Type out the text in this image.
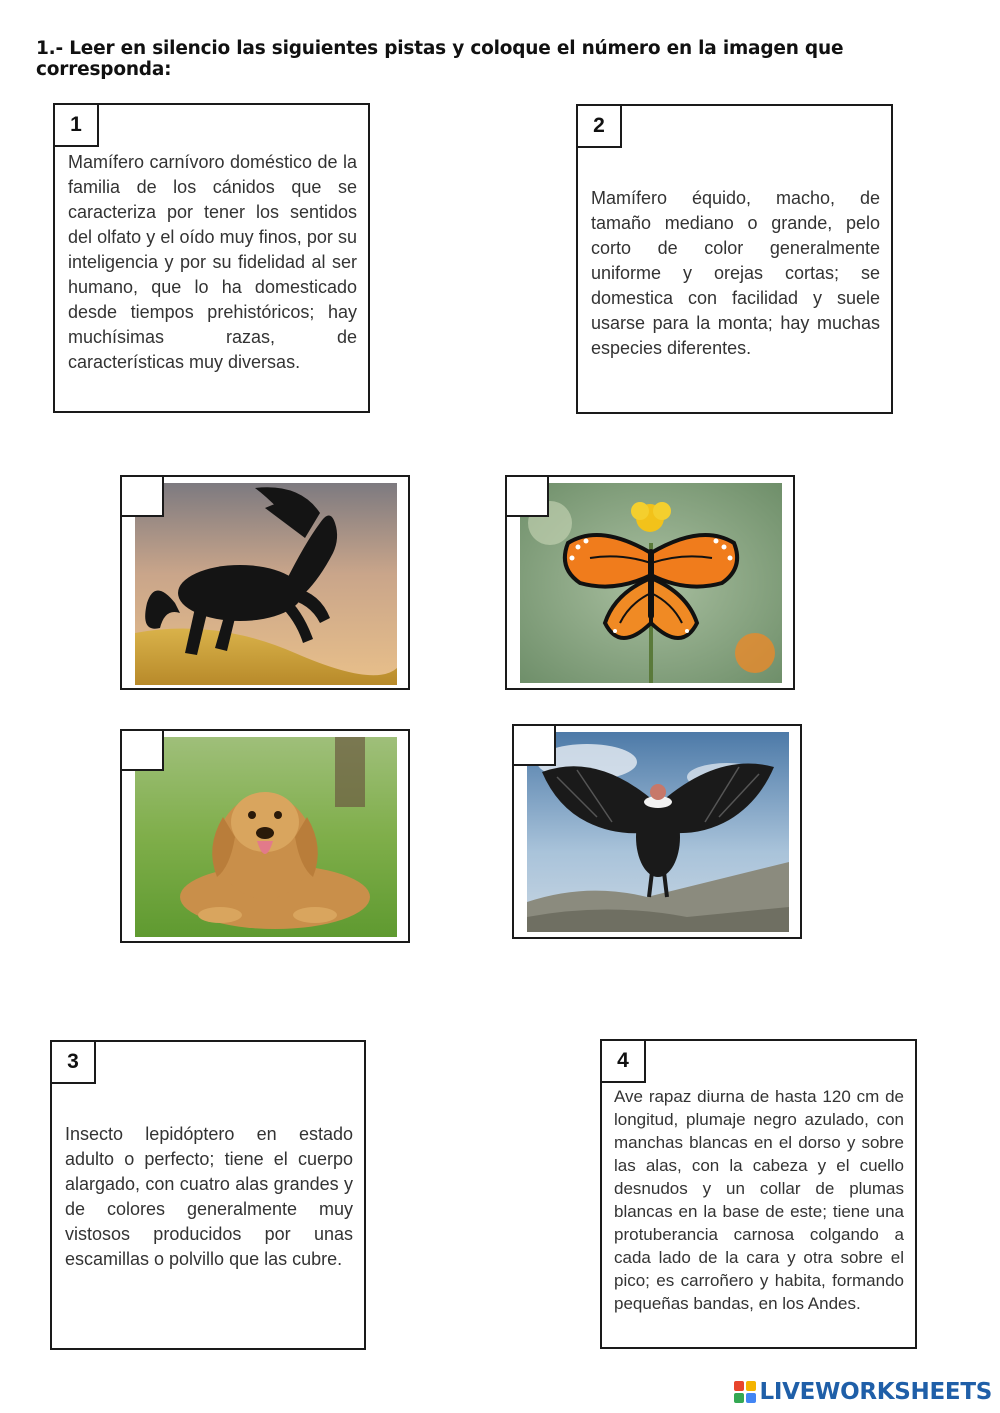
1.- Leer en silencio las siguientes pistas y coloque el número en la imagen que corresponda:
1
Mamífero carnívoro doméstico de la familia de los cánidos que se caracteriza por tener los sentidos del olfato y el oído muy finos, por su inteligencia y por su fidelidad al ser humano, que lo ha domesticado desde tiempos prehistóricos; hay muchísimas razas, de características muy diversas.
2
Mamífero équido, macho, de tamaño mediano o grande, pelo corto de color generalmente uniforme y orejas cortas; se domestica con facilidad y suele usarse para la monta; hay muchas especies diferentes.
3
Insecto lepidóptero en estado adulto o perfecto; tiene el cuerpo alargado, con cuatro alas grandes y de colores generalmente muy vistosos producidos por unas escamillas o polvillo que las cubre.
4
Ave rapaz diurna de hasta 120 cm de longitud, plumaje negro azulado, con manchas blancas en el dorso y sobre las alas, con la cabeza y el cuello desnudos y un collar de plumas blancas en la base de este; tiene una protuberancia carnosa colgando a cada lado de la cara y otra sobre el pico; es carroñero y habita, formando pequeñas bandas, en los Andes.
LIVEWORKSHEETS
